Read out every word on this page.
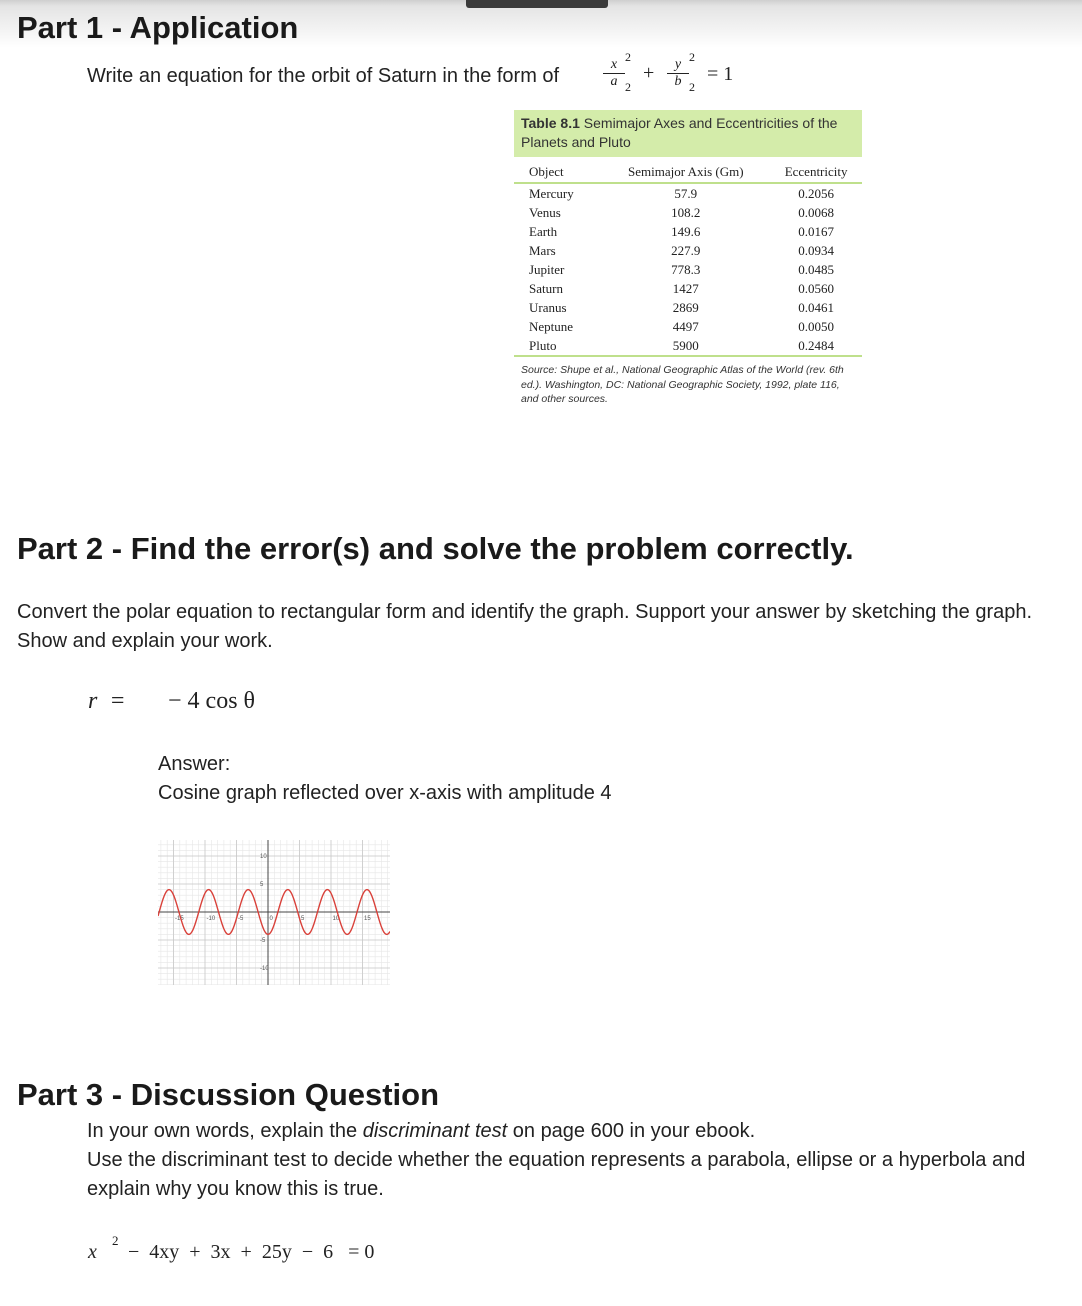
Part 1 - Application
Write an equation for the orbit of Saturn in the form of
x
a
2
2
+	y
b
2
2
= 1
Table 8.1 Semimajor Axes and Eccentricities of the Planets and Pluto
Object	Semimajor Axis (Gm)	Eccentricity
Mercury	57.9	0.2056
Venus	108.2	0.0068
Earth	149.6	0.0167
Mars	227.9	0.0934
Jupiter	778.3	0.0485
Saturn	1427	0.0560
Uranus	2869	0.0461
Neptune	4497	0.0050
Pluto	5900	0.2484
Source: Shupe et al., National Geographic Atlas of the World (rev. 6th ed.). Washington, DC: National Geographic Society, 1992, plate 116, and other sources.
Part 2 - Find the error(s) and solve the problem correctly.
Convert the polar equation to rectangular form and identify the graph. Support your answer by sketching the graph. Show and explain your work.
r  = − 4 cos θ
Answer:
Cosine graph reflected over x-axis with amplitude 4
-15	-10	-5	0	5	10	15
10
5
-5
-10
Part 3 - Discussion Question
In your own words, explain the discriminant test on page 600 in your ebook.
Use the discriminant test to decide whether the equation represents a parabola, ellipse or a hyperbola and explain why you know this is true.
x
2
−  4xy  +  3x  +  25y  −  6   = 0
